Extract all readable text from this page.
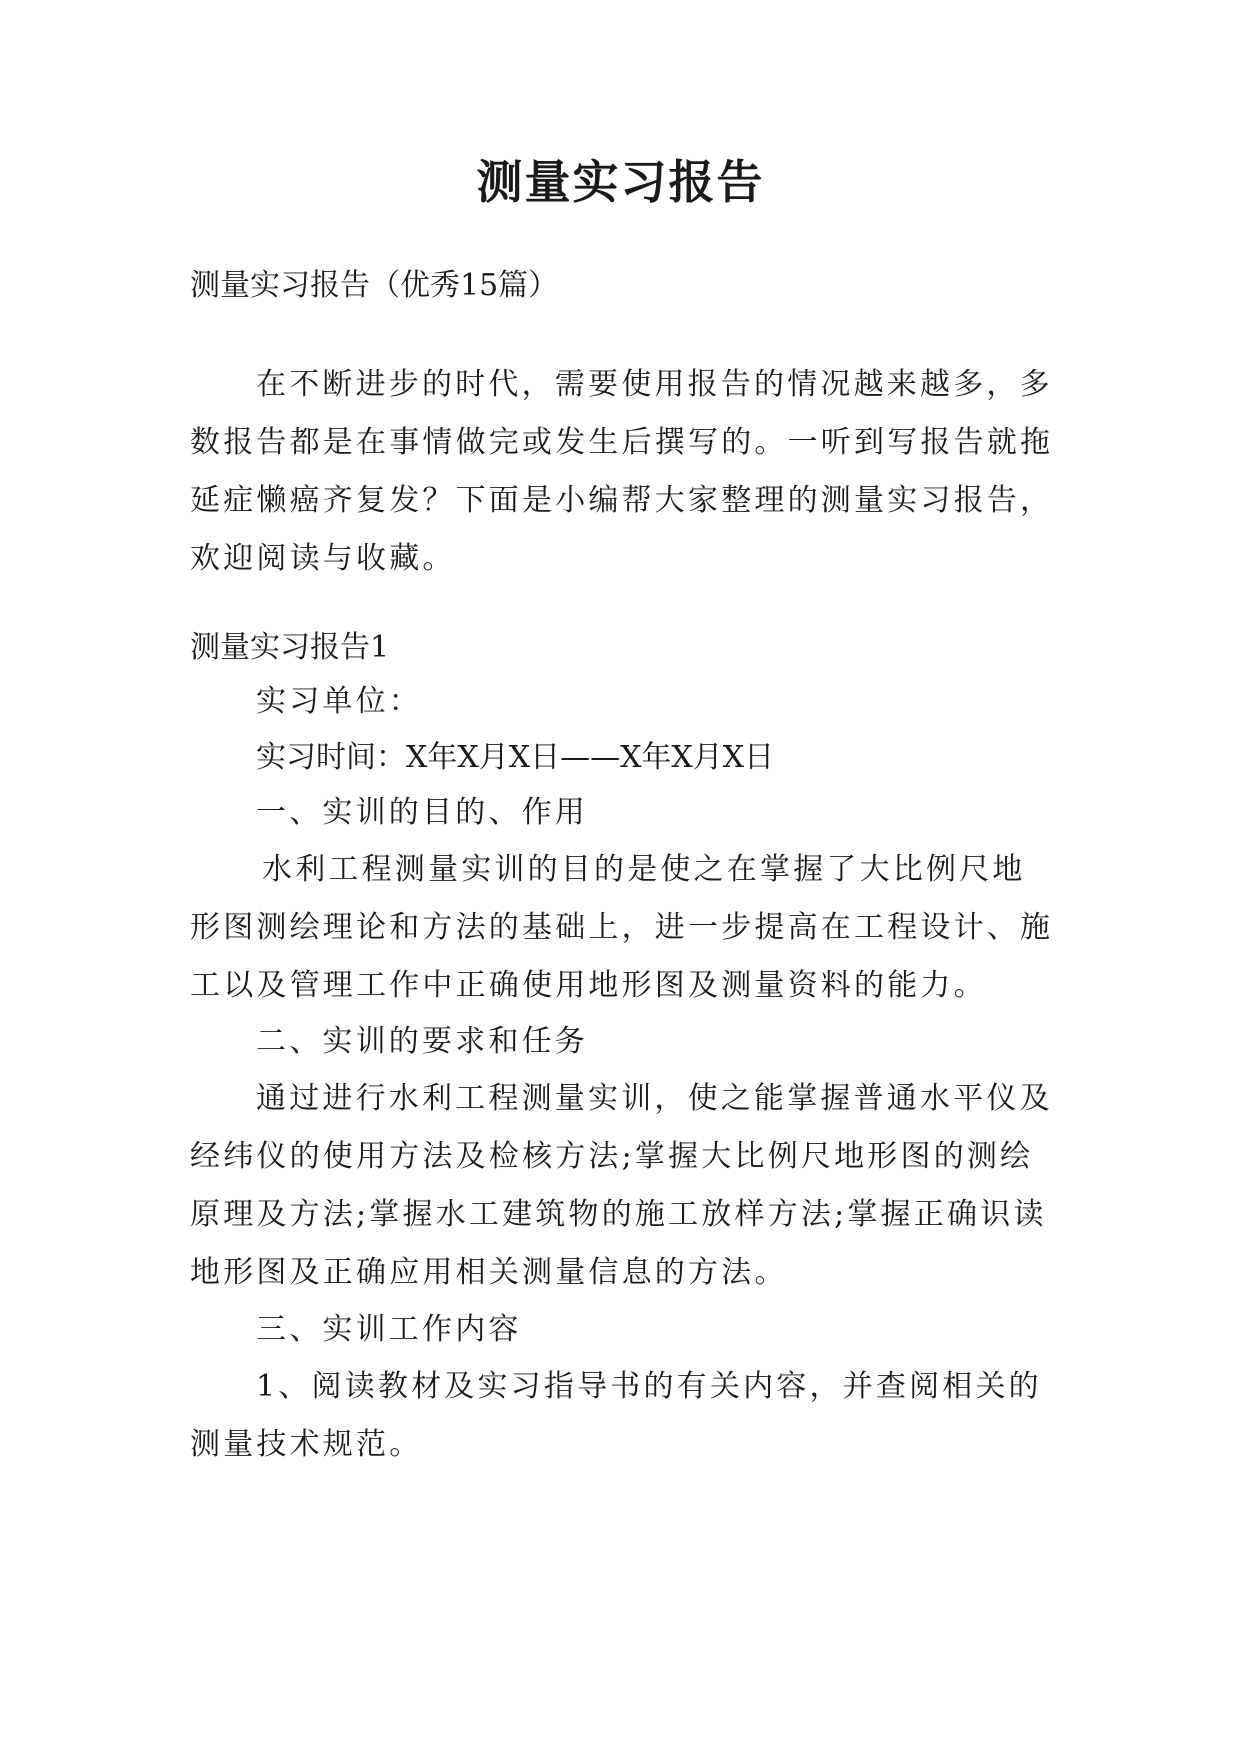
测量实习报告
测量实习报告（优秀15篇）
在不断进步的时代，需要使用报告的情况越来越多，多
数报告都是在事情做完或发生后撰写的。一听到写报告就拖
延症懒癌齐复发？下面是小编帮大家整理的测量实习报告，
欢迎阅读与收藏。
测量实习报告1
实习单位：
实习时间：X年X月X日——X年X月X日
一、实训的目的、作用
水利工程测量实训的目的是使之在掌握了大比例尺地
形图测绘理论和方法的基础上，进一步提高在工程设计、施
工以及管理工作中正确使用地形图及测量资料的能力。
二、实训的要求和任务
通过进行水利工程测量实训，使之能掌握普通水平仪及
经纬仪的使用方法及检核方法;掌握大比例尺地形图的测绘
原理及方法;掌握水工建筑物的施工放样方法;掌握正确识读
地形图及正确应用相关测量信息的方法。
三、实训工作内容
1、阅读教材及实习指导书的有关内容，并查阅相关的
测量技术规范。
